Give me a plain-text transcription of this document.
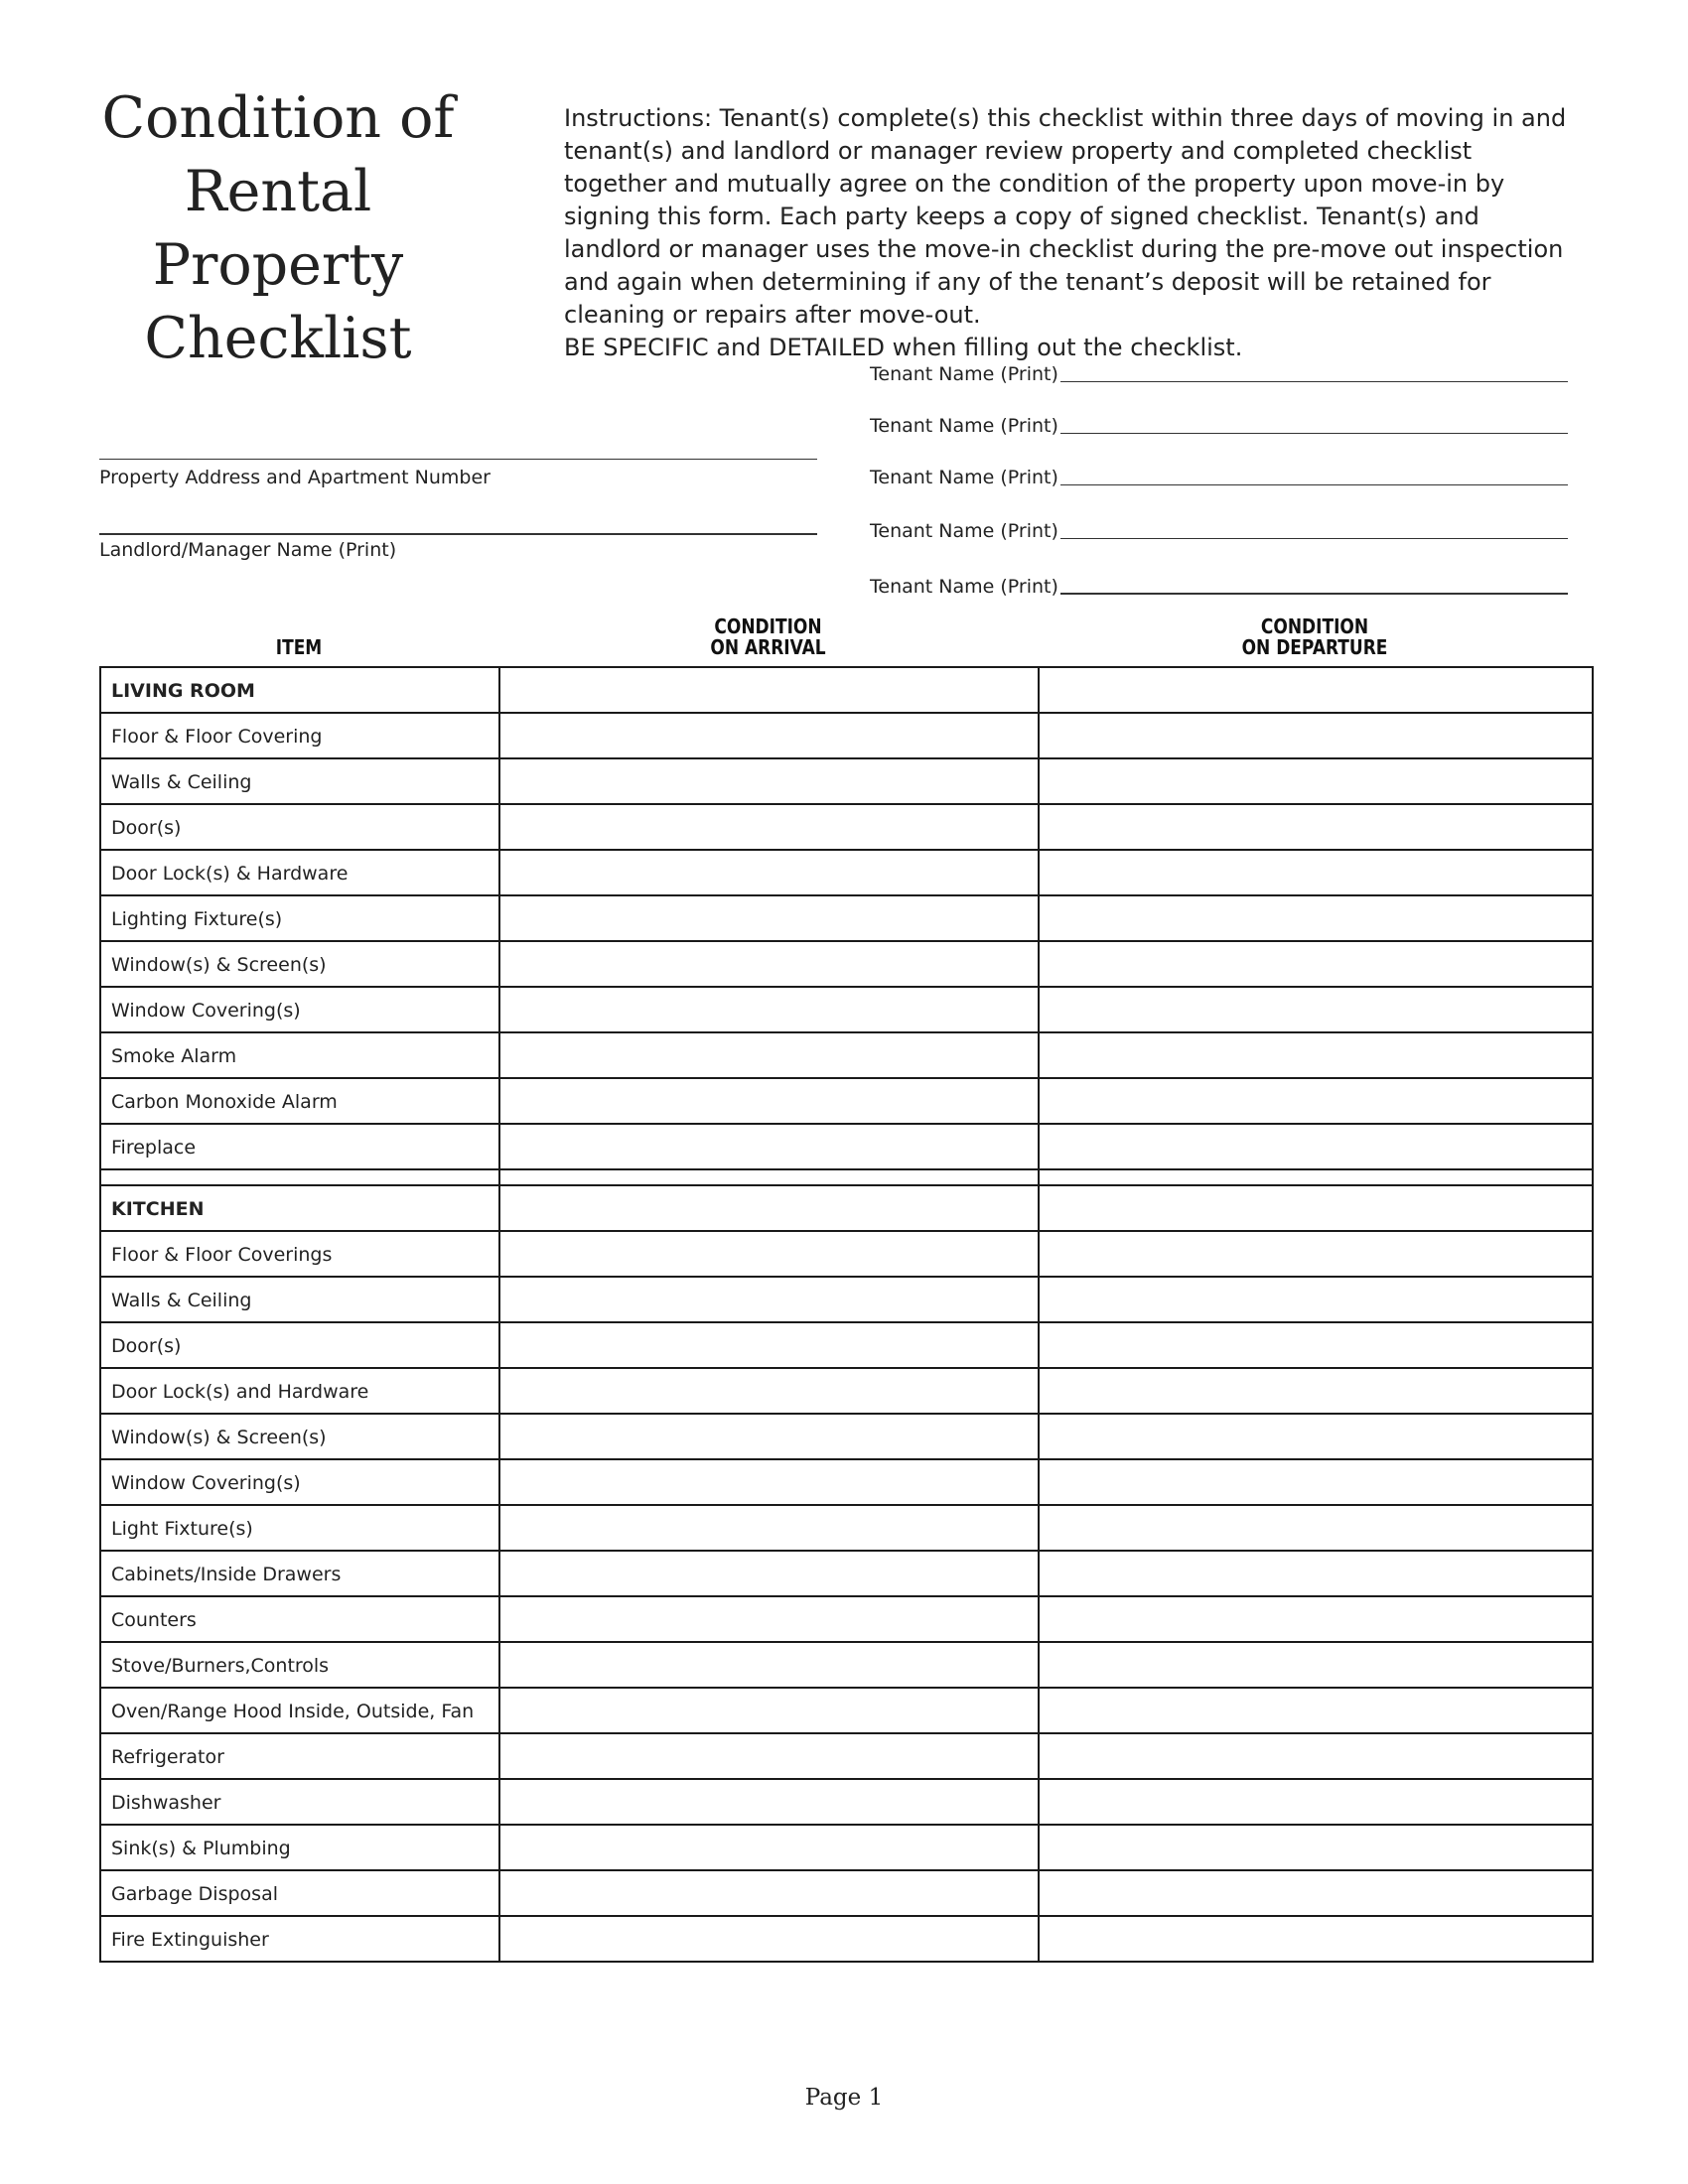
Condition of
Rental
Property
Checklist

Instructions: Tenant(s) complete(s) this checklist within three days of moving in and tenant(s) and landlord or manager review property and completed checklist together and mutually agree on the condition of the property upon move-in by signing this form. Each party keeps a copy of signed checklist. Tenant(s) and landlord or manager uses the move-in checklist during the pre-move out inspection and again when determining if any of the tenant’s deposit will be retained for cleaning or repairs after move-out.

BE SPECIFIC and DETAILED when filling out the checklist.

Tenant Name (Print)
Tenant Name (Print)
Tenant Name (Print)
Tenant Name (Print)
Tenant Name (Print)
Property Address and Apartment Number
Landlord/Manager Name (Print)
ITEM
CONDITION
ON ARRIVAL
CONDITION
ON DEPARTURE
LIVING ROOM		
Floor & Floor Covering		
Walls & Ceiling		
Door(s)		
Door Lock(s) & Hardware		
Lighting Fixture(s)		
Window(s) & Screen(s)		
Window Covering(s)		
Smoke Alarm		
Carbon Monoxide Alarm		
Fireplace		

KITCHEN		
Floor & Floor Coverings		
Walls & Ceiling		
Door(s)		
Door Lock(s) and Hardware		
Window(s) & Screen(s)		
Window Covering(s)		
Light Fixture(s)		
Cabinets/Inside Drawers		
Counters		
Stove/Burners,Controls		
Oven/Range Hood Inside, Outside, Fan		
Refrigerator		
Dishwasher		
Sink(s) & Plumbing		
Garbage Disposal		
Fire Extinguisher		
Page 1
